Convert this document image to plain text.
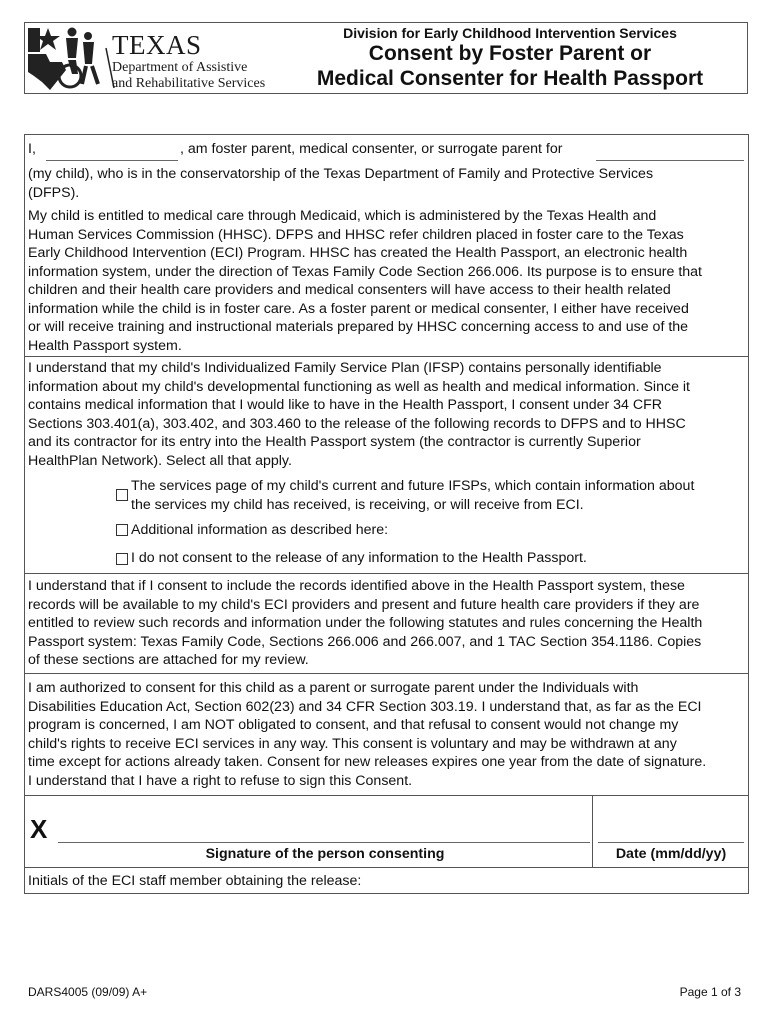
TEXAS
Department of Assistive
and Rehabilitative Services
Division for Early Childhood Intervention Services
Consent by Foster Parent or
Medical Consenter for Health Passport
I,	, am foster parent, medical consenter, or surrogate parent for
(my child), who is in the conservatorship of the Texas Department of Family and Protective Services
(DFPS).
My child is entitled to medical care through Medicaid, which is administered by the Texas Health and
Human Services Commission (HHSC). DFPS and HHSC refer children placed in foster care to the Texas
Early Childhood Intervention (ECI) Program. HHSC has created the Health Passport, an electronic health
information system, under the direction of Texas Family Code Section 266.006. Its purpose is to ensure that
children and their health care providers and medical consenters will have access to their health related
information while the child is in foster care. As a foster parent or medical consenter, I either have received
or will receive training and instructional materials prepared by HHSC concerning access to and use of the
Health Passport system.
I understand that my child's Individualized Family Service Plan (IFSP) contains personally identifiable
information about my child's developmental functioning as well as health and medical information. Since it
contains medical information that I would like to have in the Health Passport, I consent under 34 CFR
Sections 303.401(a), 303.402, and 303.460 to the release of the following records to DFPS and to HHSC
and its contractor for its entry into the Health Passport system (the contractor is currently Superior
HealthPlan Network). Select all that apply.
The services page of my child's current and future IFSPs, which contain information about
the services my child has received, is receiving, or will receive from ECI.
Additional information as described here:
I do not consent to the release of any information to the Health Passport.
I understand that if I consent to include the records identified above in the Health Passport system, these
records will be available to my child's ECI providers and present and future health care providers if they are
entitled to review such records and information under the following statutes and rules concerning the Health
Passport system: Texas Family Code, Sections 266.006 and 266.007, and 1 TAC Section 354.1186. Copies
of these sections are attached for my review.
I am authorized to consent for this child as a parent or surrogate parent under the Individuals with
Disabilities Education Act, Section 602(23) and 34 CFR Section 303.19. I understand that, as far as the ECI
program is concerned, I am NOT obligated to consent, and that refusal to consent would not change my
child's rights to receive ECI services in any way. This consent is voluntary and may be withdrawn at any
time except for actions already taken. Consent for new releases expires one year from the date of signature.
I understand that I have a right to refuse to sign this Consent.
X
Signature of the person consenting	Date (mm/dd/yy)
Initials of the ECI staff member obtaining the release:
DARS4005 (09/09) A+	Page 1 of 3
